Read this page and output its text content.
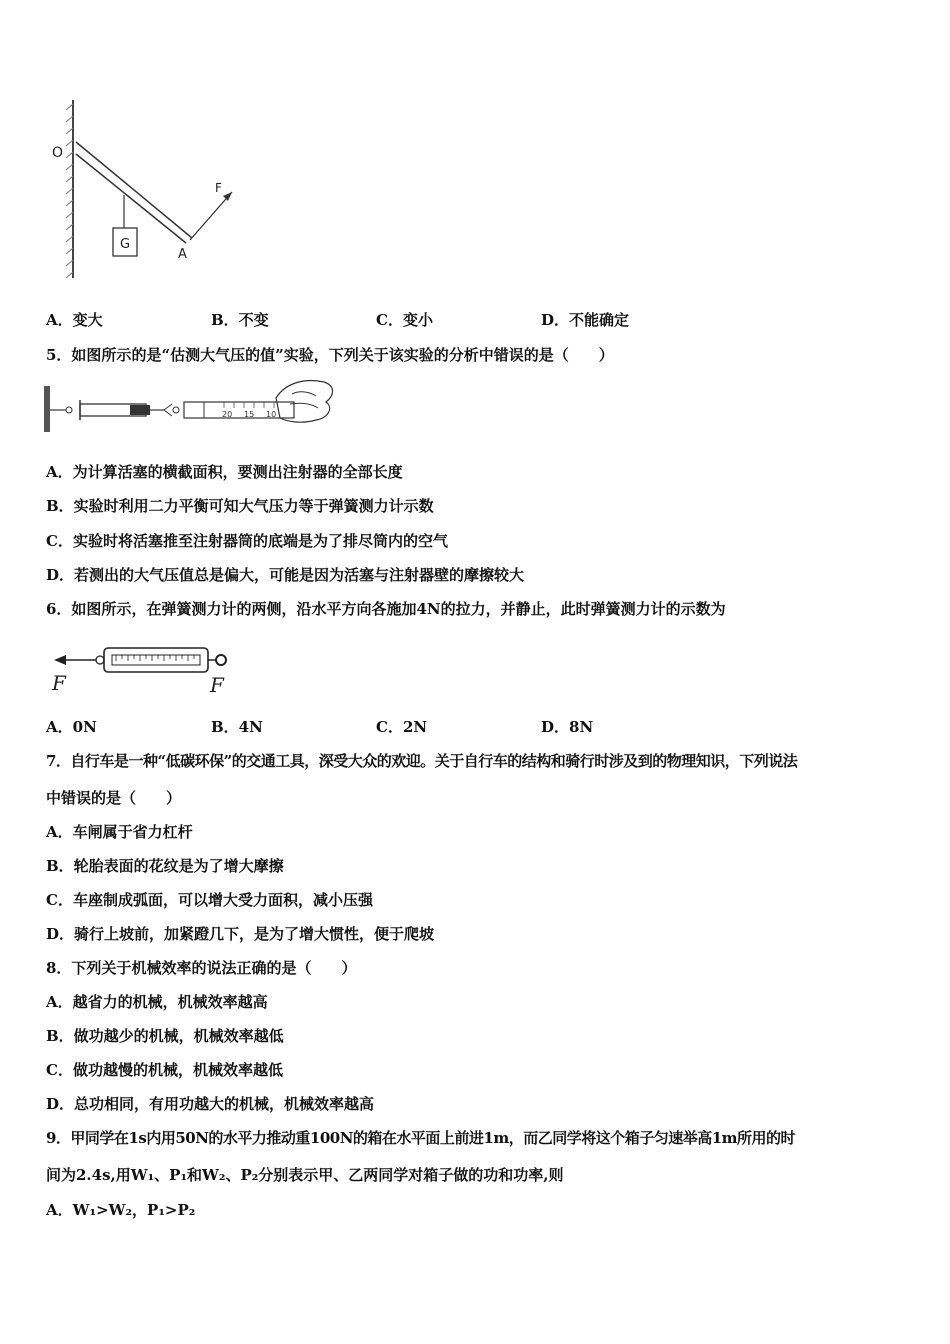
G
F
O
A
A．变大	B．不变	C．变小	D．不能确定
5．如图所示的是“估测大气压的值”实验，下列关于该实验的分析中错误的是（　　）
20 15 10
A．为计算活塞的横截面积，要测出注射器的全部长度
B．实验时利用二力平衡可知大气压力等于弹簧测力计示数
C．实验时将活塞推至注射器筒的底端是为了排尽筒内的空气
D．若测出的大气压值总是偏大，可能是因为活塞与注射器壁的摩擦较大
6．如图所示，在弹簧测力计的两侧，沿水平方向各施加4N的拉力，并静止，此时弹簧测力计的示数为
F	F
A．0N	B．4N	C．2N	D．8N
7．自行车是一种“低碳环保”的交通工具，深受大众的欢迎。关于自行车的结构和骑行时涉及到的物理知识，下列说法
中错误的是（　　）
A．车闸属于省力杠杆
B．轮胎表面的花纹是为了增大摩擦
C．车座制成弧面，可以增大受力面积，减小压强
D．骑行上坡前，加紧蹬几下，是为了增大惯性，便于爬坡
8．下列关于机械效率的说法正确的是（　　）
A．越省力的机械，机械效率越高
B．做功越少的机械，机械效率越低
C．做功越慢的机械，机械效率越低
D．总功相同，有用功越大的机械，机械效率越高
9．甲同学在1s内用50N的水平力推动重100N的箱在水平面上前进1m，而乙同学将这个箱子匀速举高1m所用的时
间为2.4s,用W₁、P₁和W₂、P₂分别表示甲、乙两同学对箱子做的功和功率,则
A．W₁>W₂，P₁>P₂
